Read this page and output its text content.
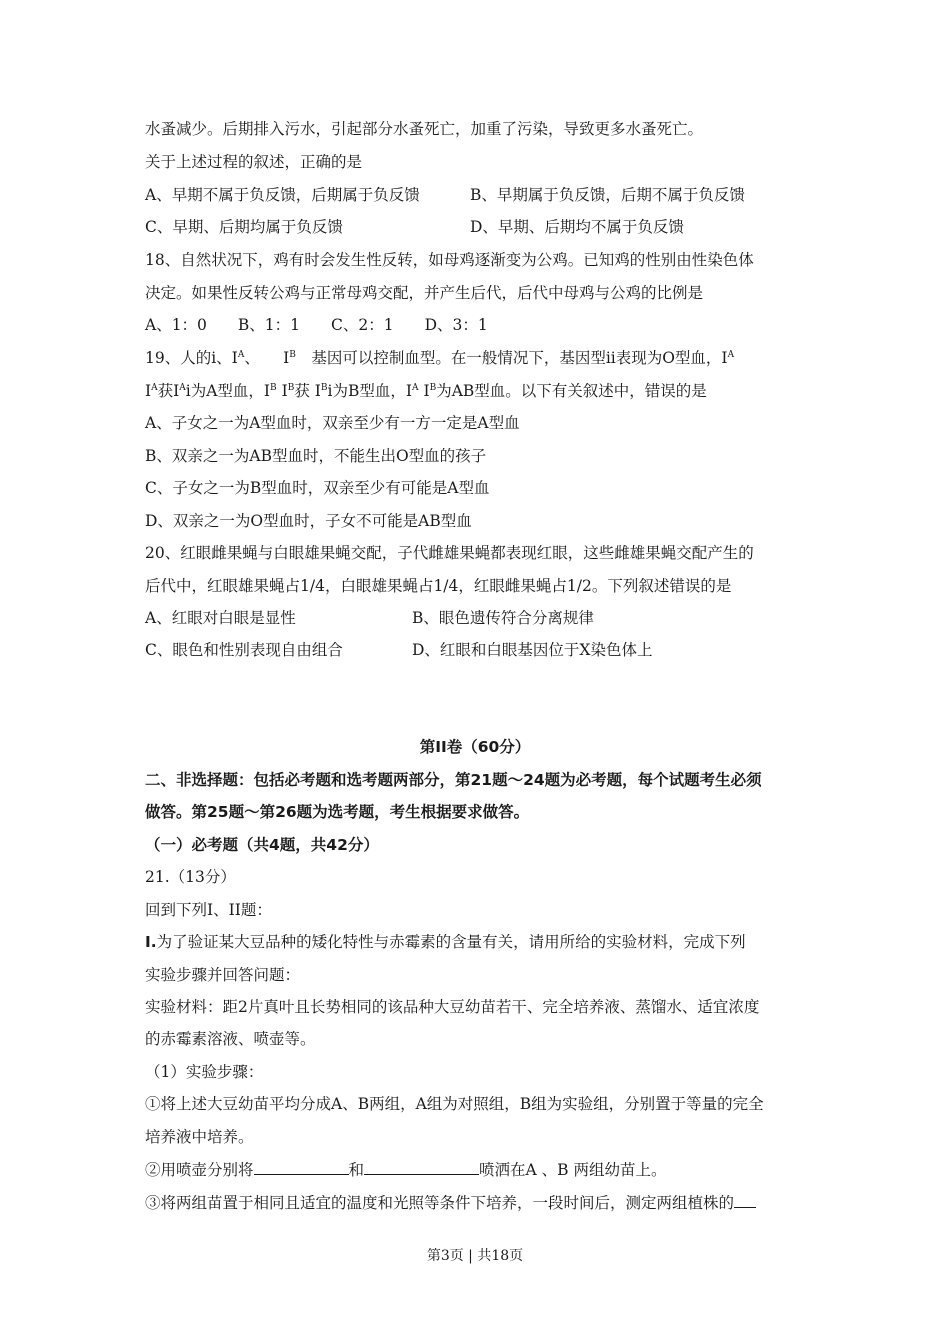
水蚤减少。后期排入污水，引起部分水蚤死亡，加重了污染，导致更多水蚤死亡。
关于上述过程的叙述，正确的是
A、早期不属于负反馈，后期属于负反馈	B、早期属于负反馈，后期不属于负反馈
C、早期、后期均属于负反馈	D、早期、后期均不属于负反馈
18、自然状况下，鸡有时会发生性反转，如母鸡逐渐变为公鸡。已知鸡的性别由性染色体
决定。如果性反转公鸡与正常母鸡交配，并产生后代，后代中母鸡与公鸡的比例是
A、1：0　　B、1：1　　C、2：1　　D、3：1
19、人的i、$I^A$、　　$I^B$　基因可以控制血型。在一般情况下，基因型ii表现为O型血，$I^A$
$I^A$获$I^Ai$为A型血，$I^B$ $I^B$获 $I^Bi$为B型血，$I^A$ $I^B$为AB型血。以下有关叙述中，错误的是
A、子女之一为A型血时，双亲至少有一方一定是A型血
B、双亲之一为AB型血时，不能生出O型血的孩子
C、子女之一为B型血时，双亲至少有可能是A型血
D、双亲之一为O型血时，子女不可能是AB型血
20、红眼雌果蝇与白眼雄果蝇交配，子代雌雄果蝇都表现红眼，这些雌雄果蝇交配产生的
后代中，红眼雄果蝇占1/4，白眼雄果蝇占1/4，红眼雌果蝇占1/2。下列叙述错误的是
A、红眼对白眼是显性	B、眼色遗传符合分离规律
C、眼色和性别表现自由组合	D、红眼和白眼基因位于X染色体上
第II卷（60分）
二、非选择题：包括必考题和选考题两部分，第21题～24题为必考题，每个试题考生必须
做答。第25题～第26题为选考题，考生根据要求做答。
（一）必考题（共4题，共42分）
21.（13分）
回到下列I、II题：
I.为了验证某大豆品种的矮化特性与赤霉素的含量有关，请用所给的实验材料，完成下列
实验步骤并回答问题：
实验材料：距2片真叶且长势相同的该品种大豆幼苗若干、完全培养液、蒸馏水、适宜浓度
的赤霉素溶液、喷壶等。
（1）实验步骤：
①将上述大豆幼苗平均分成A、B两组，A组为对照组，B组为实验组，分别置于等量的完全
培养液中培养。
②用喷壶分别将	和	喷洒在A 、B 两组幼苗上。
③将两组苗置于相同且适宜的温度和光照等条件下培养，一段时间后，测定两组植株的
第3页 | 共18页
